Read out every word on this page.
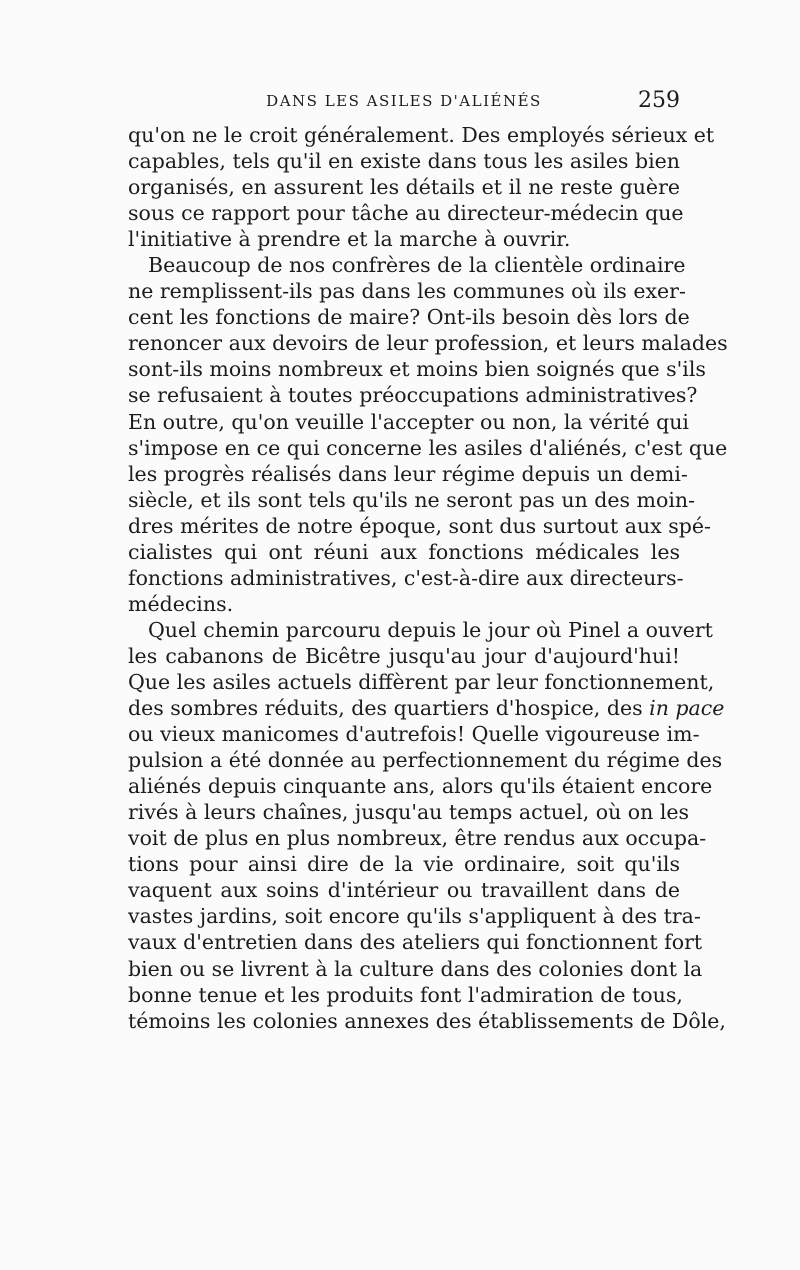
DANS LES ASILES D'ALIÉNÉS	259
qu'on ne le croit généralement. Des employés sérieux et
capables, tels qu'il en existe dans tous les asiles bien
organisés, en assurent les détails et il ne reste guère
sous ce rapport pour tâche au directeur-médecin que
l'initiative à prendre et la marche à ouvrir.
Beaucoup de nos confrères de la clientèle ordinaire
ne remplissent-ils pas dans les communes où ils exer-
cent les fonctions de maire? Ont-ils besoin dès lors de
renoncer aux devoirs de leur profession, et leurs malades
sont-ils moins nombreux et moins bien soignés que s'ils
se refusaient à toutes préoccupations administratives?
En outre, qu'on veuille l'accepter ou non, la vérité qui
s'impose en ce qui concerne les asiles d'aliénés, c'est que
les progrès réalisés dans leur régime depuis un demi-
siècle, et ils sont tels qu'ils ne seront pas un des moin-
dres mérites de notre époque, sont dus surtout aux spé-
cialistes qui ont réuni aux fonctions médicales les
fonctions administratives, c'est-à-dire aux directeurs-
médecins.
Quel chemin parcouru depuis le jour où Pinel a ouvert
les cabanons de Bicêtre jusqu'au jour d'aujourd'hui!
Que les asiles actuels diffèrent par leur fonctionnement,
des sombres réduits, des quartiers d'hospice, des in pace
ou vieux manicomes d'autrefois! Quelle vigoureuse im-
pulsion a été donnée au perfectionnement du régime des
aliénés depuis cinquante ans, alors qu'ils étaient encore
rivés à leurs chaînes, jusqu'au temps actuel, où on les
voit de plus en plus nombreux, être rendus aux occupa-
tions pour ainsi dire de la vie ordinaire, soit qu'ils
vaquent aux soins d'intérieur ou travaillent dans de
vastes jardins, soit encore qu'ils s'appliquent à des tra-
vaux d'entretien dans des ateliers qui fonctionnent fort
bien ou se livrent à la culture dans des colonies dont la
bonne tenue et les produits font l'admiration de tous,
témoins les colonies annexes des établissements de Dôle,
